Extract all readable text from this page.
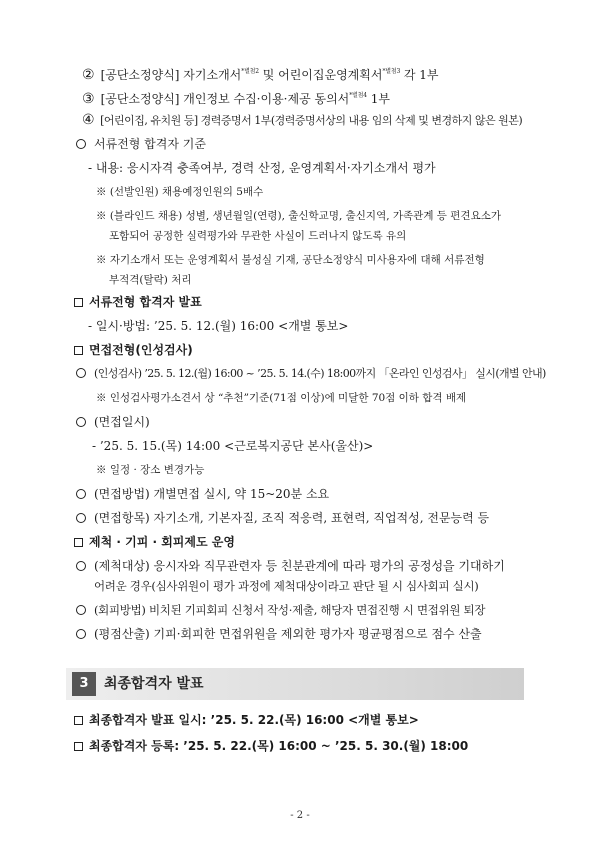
② [공단소정양식] 자기소개서$^{*별첨2}$ 및 어린이집운영계획서$^{*별첨3}$ 각 1부
③ [공단소정양식] 개인정보 수집·이용·제공 동의서$^{*별첨4}$ 1부
④ [어린이집, 유치원 등] 경력증명서 1부(경력증명서상의 내용 임의 삭제 및 변경하지 않은 원본)
서류전형 합격자 기준
- 내용: 응시자격 충족여부, 경력 산정, 운영계획서·자기소개서 평가
※ (선발인원) 채용예정인원의 5배수
※ (블라인드 채용) 성별, 생년월일(연령), 출신학교명, 출신지역, 가족관계 등 편견요소가
포함되어 공정한 실력평가와 무관한 사실이 드러나지 않도록 유의
※ 자기소개서 또는 운영계획서 불성실 기재, 공단소정양식 미사용자에 대해 서류전형
부적격(탈락) 처리
서류전형 합격자 발표
- 일시·방법: ’25. 5. 12.(월) 16:00 <개별 통보>
면접전형(인성검사)
(인성검사) ’25. 5. 12.(월) 16:00 ~ ’25. 5. 14.(수) 18:00까지 「온라인 인성검사」 실시(개별 안내)
※ 인성검사평가소견서 상 “추천”기준(71점 이상)에 미달한 70점 이하 합격 배제
(면접일시)
- ’25. 5. 15.(목) 14:00 <근로복지공단 본사(울산)>
※ 일정 · 장소 변경가능
(면접방법) 개별면접 실시, 약 15~20분 소요
(면접항목) 자기소개, 기본자질, 조직 적응력, 표현력, 직업적성, 전문능력 등
제척 · 기피 · 회피제도 운영
(제척대상) 응시자와 직무관련자 등 친분관계에 따라 평가의 공정성을 기대하기
어려운 경우(심사위원이 평가 과정에 제척대상이라고 판단 될 시 심사회피 실시)
(회피방법) 비치된 기피회피 신청서 작성·제출, 해당자 면접진행 시 면접위원 퇴장
(평점산출) 기피·회피한 면접위원을 제외한 평가자 평균평점으로 점수 산출
3	최종합격자 발표
최종합격자 발표 일시: ’25. 5. 22.(목) 16:00 <개별 통보>
최종합격자 등록: ’25. 5. 22.(목) 16:00 ~ ’25. 5. 30.(월) 18:00
- 2 -
